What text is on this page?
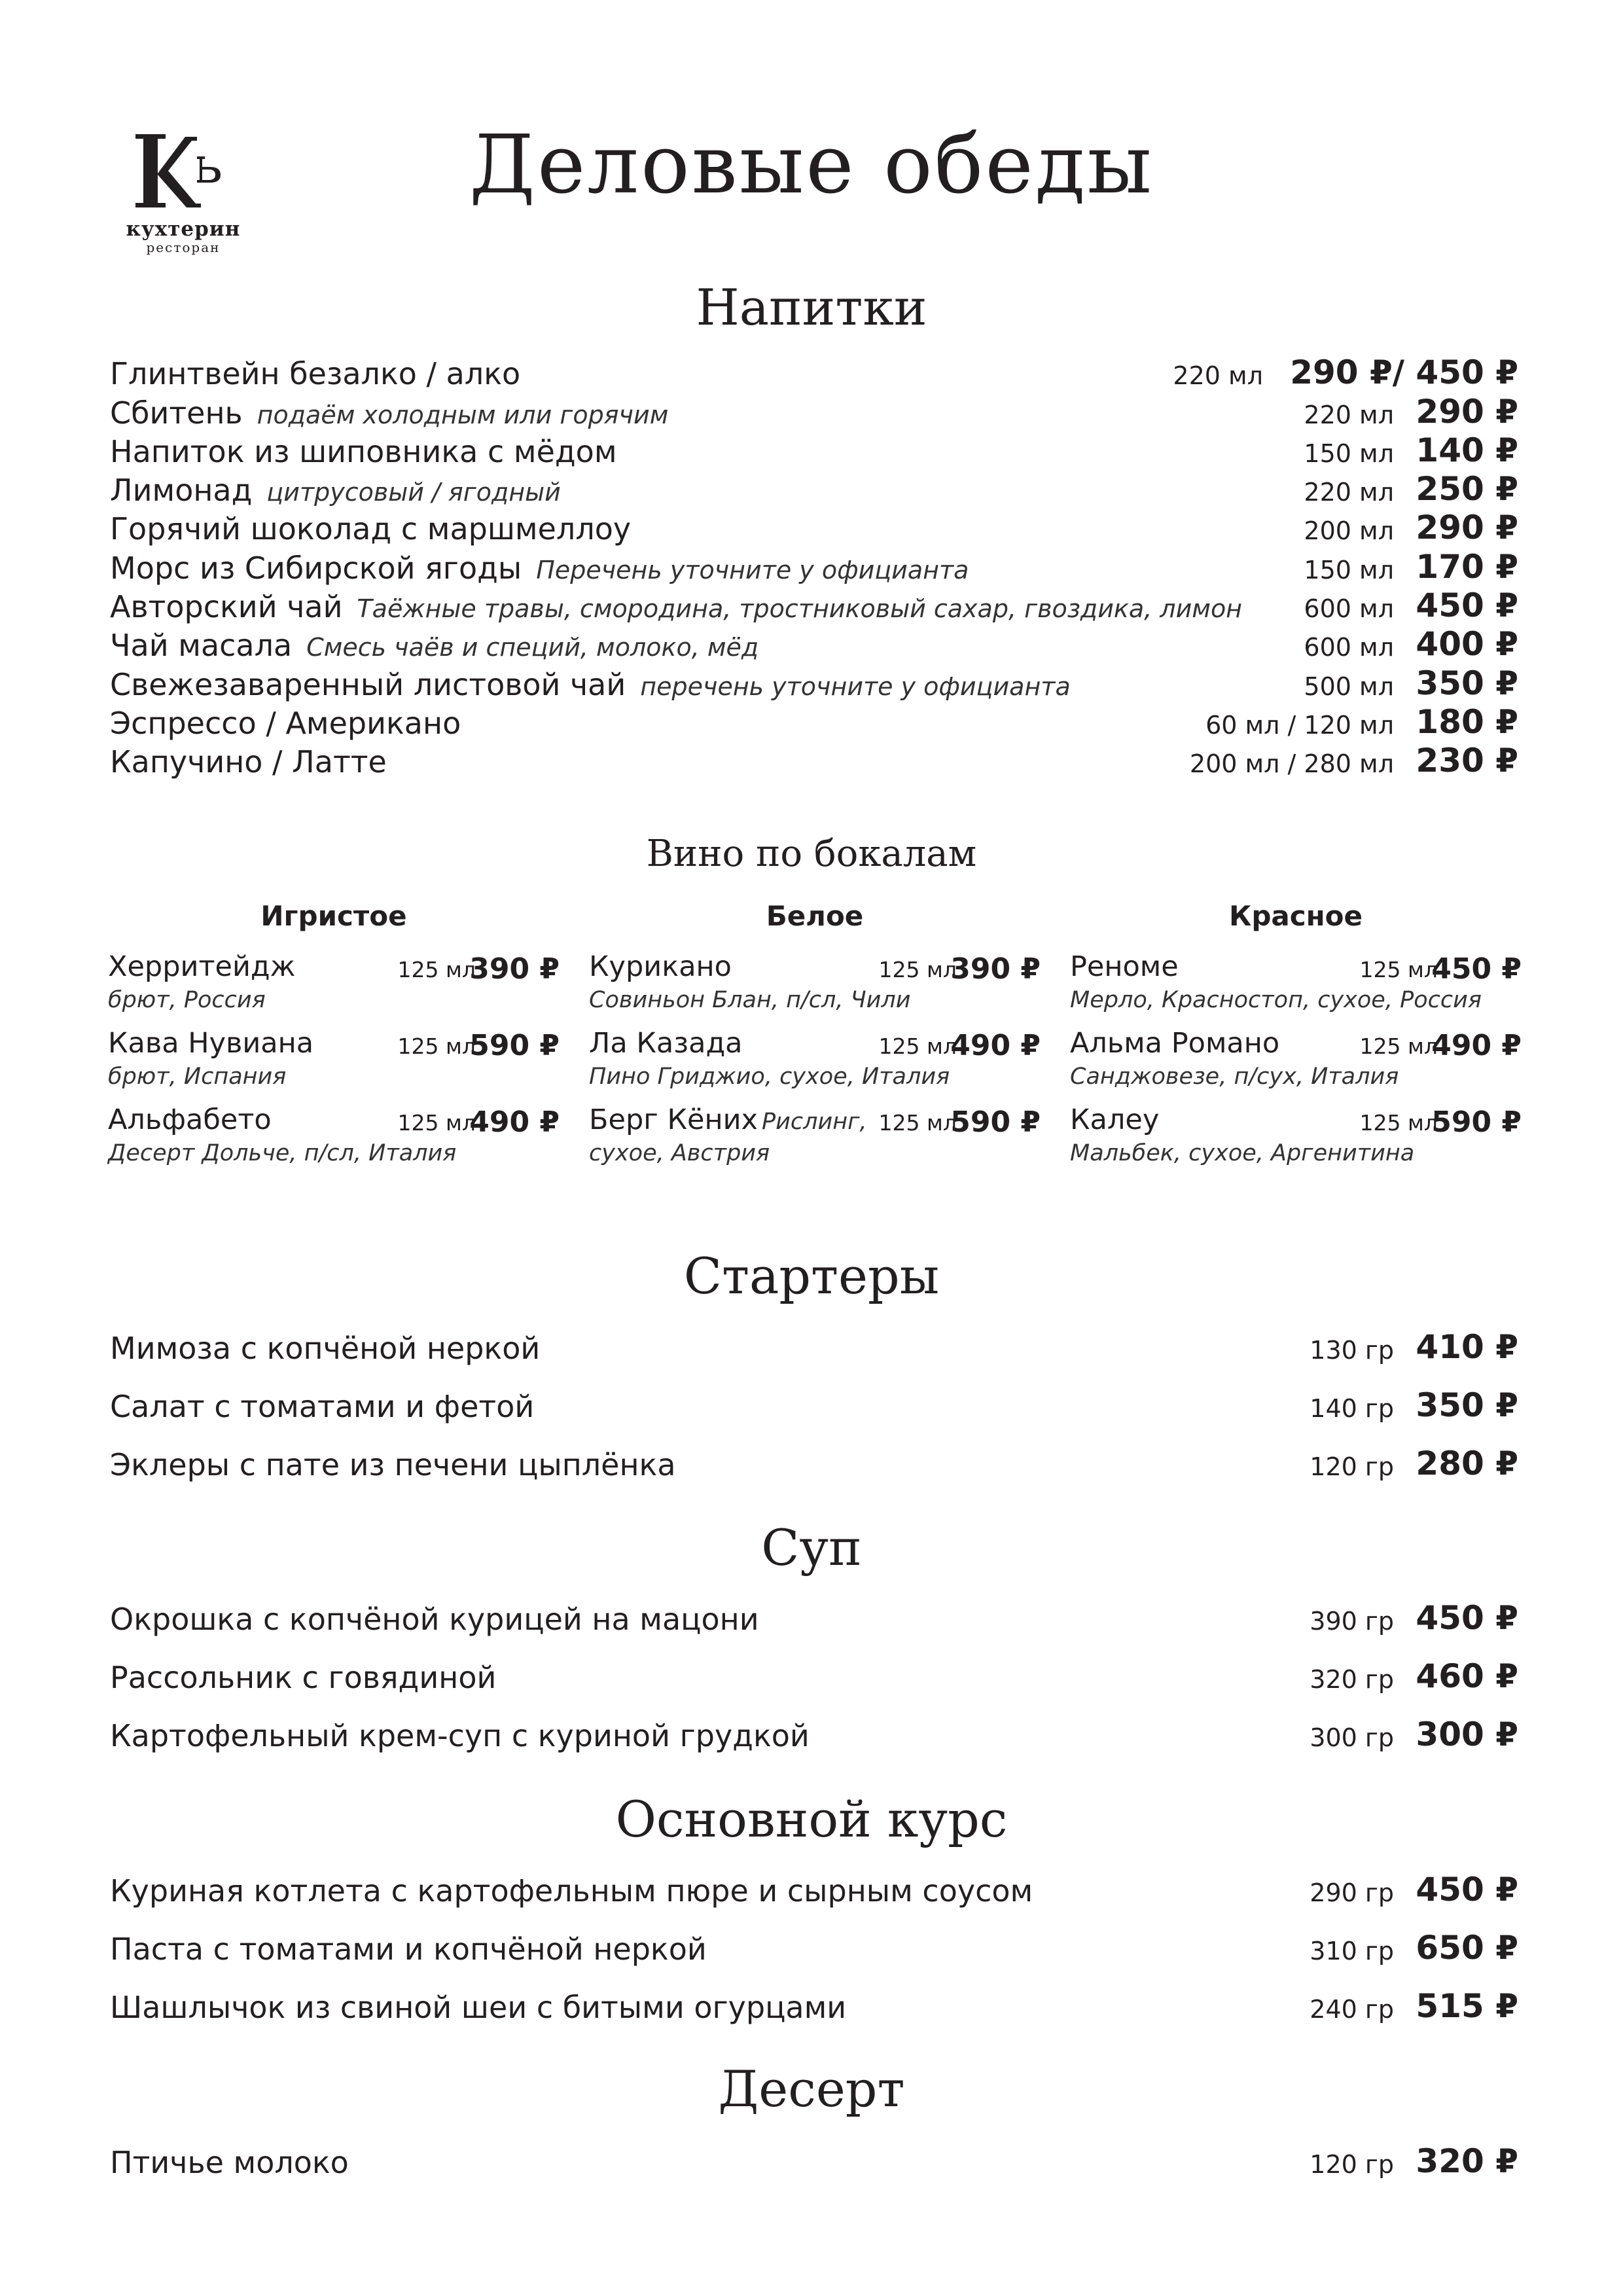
кухтерин
ресторан
Деловые обеды
Напитки
Глинтвейн безалко / алко	220 мл 290 ₽/ 450 ₽
Сбитень подаём холодным или горячим	220 мл 290 ₽
Напиток из шиповника с мёдом	150 мл 140 ₽
Лимонад цитрусовый / ягодный	220 мл 250 ₽
Горячий шоколад с маршмеллоу	200 мл 290 ₽
Морс из Сибирской ягоды Перечень уточните у официанта	150 мл 170 ₽
Авторский чай Таёжные травы, смородина, тростниковый сахар, гвоздика, лимон 600 мл 450 ₽
Чай масала Смесь чаёв и специй, молоко, мёд	600 мл 400 ₽
Свежезаваренный листовой чай перечень уточните у официанта	500 мл 350 ₽
Эспрессо / Американо	60 мл / 120 мл 180 ₽
Капучино / Латте	200 мл / 280 мл 230 ₽
Вино по бокалам
Игристое
Херритейдж	125 мл
390 ₽
брют, Россия
Кава Нувиана	125 мл
590 ₽
брют, Испания
Альфабето	125 мл
490 ₽
Десерт Дольче, п/сл, Италия
Белое
Курикано	125 мл
390 ₽
Совиньон Блан, п/сл, Чили
Ла Казада	125 мл
490 ₽
Пино Гриджио, сухое, Италия
Берг Кёних Рислинг, 125 мл
590 ₽
сухое, Австрия
Красное
Реноме	125 мл
450 ₽
Мерло, Красностоп, сухое, Россия
Альма Романо	125 мл
490 ₽
Санджовезе, п/сух, Италия
Калеу	125 мл
590 ₽
Мальбек, сухое, Аргенитина
Стартеры
Мимоза с копчёной неркой	130 гр 410 ₽
Салат с томатами и фетой	140 гр 350 ₽
Эклеры с пате из печени цыплёнка	120 гр 280 ₽
Суп
Окрошка с копчёной курицей на мацони	390 гр 450 ₽
Рассольник с говядиной	320 гр 460 ₽
Картофельный крем-суп с куриной грудкой	300 гр 300 ₽
Основной курс
Куриная котлета с картофельным пюре и сырным соусом	290 гр 450 ₽
Паста с томатами и копчёной неркой	310 гр 650 ₽
Шашлычок из свиной шеи с битыми огурцами	240 гр 515 ₽
Десерт
Птичье молоко	120 гр 320 ₽
